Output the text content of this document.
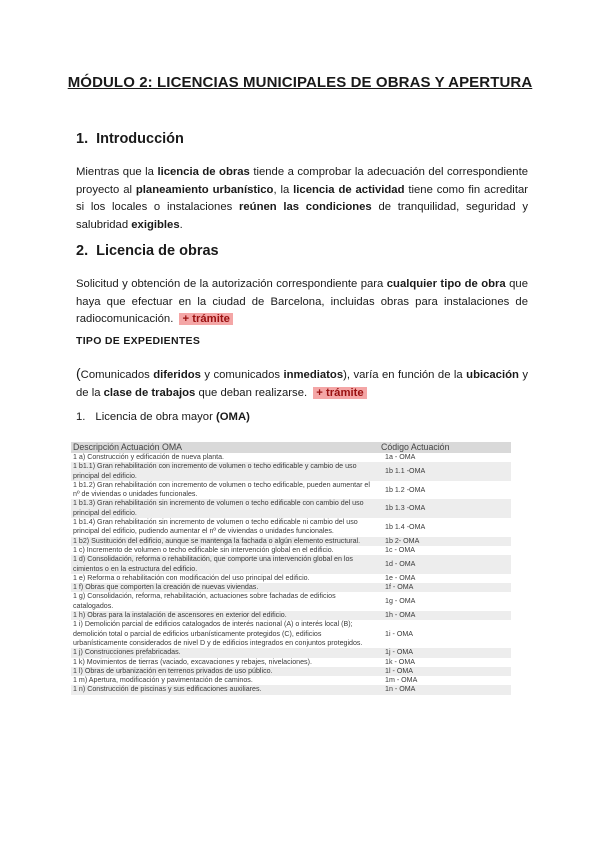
MÓDULO 2: LICENCIAS MUNICIPALES DE OBRAS Y APERTURA
1. Introducción
Mientras que la licencia de obras tiende a comprobar la adecuación del correspondiente proyecto al planeamiento urbanístico, la licencia de actividad tiene como fin acreditar si los locales o instalaciones reúnen las condiciones de tranquilidad, seguridad y salubridad exigibles.
2. Licencia de obras
Solicitud y obtención de la autorización correspondiente para cualquier tipo de obra que haya que efectuar en la ciudad de Barcelona, incluidas obras para instalaciones de radiocomunicación. + trámite
TIPO DE EXPEDIENTES
(Comunicados diferidos y comunicados inmediatos), varía en función de la ubicación y de la clase de trabajos que deban realizarse. + trámite
1. Licencia de obra mayor (OMA)
Descripción Actuación OMA	Código Actuación
1 a) Construcción y edificación de nueva planta.	1a - OMA
1 b1.1) Gran rehabilitación con incremento de volumen o techo edificable y cambio de uso principal del edificio.	1b 1.1 -OMA
1 b1.2) Gran rehabilitación con incremento de volumen o techo edificable, pueden aumentar el nº de viviendas o unidades funcionales.	1b 1.2 -OMA
1 b1.3) Gran rehabilitación sin incremento de volumen o techo edificable con cambio del uso principal del edificio.	1b 1.3 -OMA
1 b1.4) Gran rehabilitación sin incremento de volumen o techo edificable ni cambio del uso principal del edificio, pudiendo aumentar el nº de viviendas o unidades funcionales.	1b 1.4 -OMA
1 b2) Sustitución del edificio, aunque se mantenga la fachada o algún elemento estructural.	1b 2- OMA
1 c) Incremento de volumen o techo edificable sin intervención global en el edificio.	1c - OMA
1 d) Consolidación, reforma o rehabilitación, que comporte una intervención global en los cimientos o en la estructura del edificio.	1d - OMA
1 e) Reforma o rehabilitación con modificación del uso principal del edificio.	1e - OMA
1 f) Obras que comporten la creación de nuevas viviendas.	1f - OMA
1 g) Consolidación, reforma, rehabilitación, actuaciones sobre fachadas de edificios catalogados.	1g - OMA
1 h) Obras para la instalación de ascensores en exterior del edificio.	1h - OMA
1 i) Demolición parcial de edificios catalogados de interés nacional (A) o interés local (B); demolición total o parcial de edificios urbanísticamente protegidos (C), edificios urbanísticamente considerados de nivel D y de edificios integrados en conjuntos protegidos.	1i - OMA
1 j) Construcciones prefabricadas.	1j - OMA
1 k) Movimientos de tierras (vaciado, excavaciones y rebajes, nivelaciones).	1k - OMA
1 l) Obras de urbanización en terrenos privados de uso público.	1l - OMA
1 m) Apertura, modificación y pavimentación de caminos.	1m - OMA
1 n) Construcción de piscinas y sus edificaciones auxiliares.	1n - OMA
